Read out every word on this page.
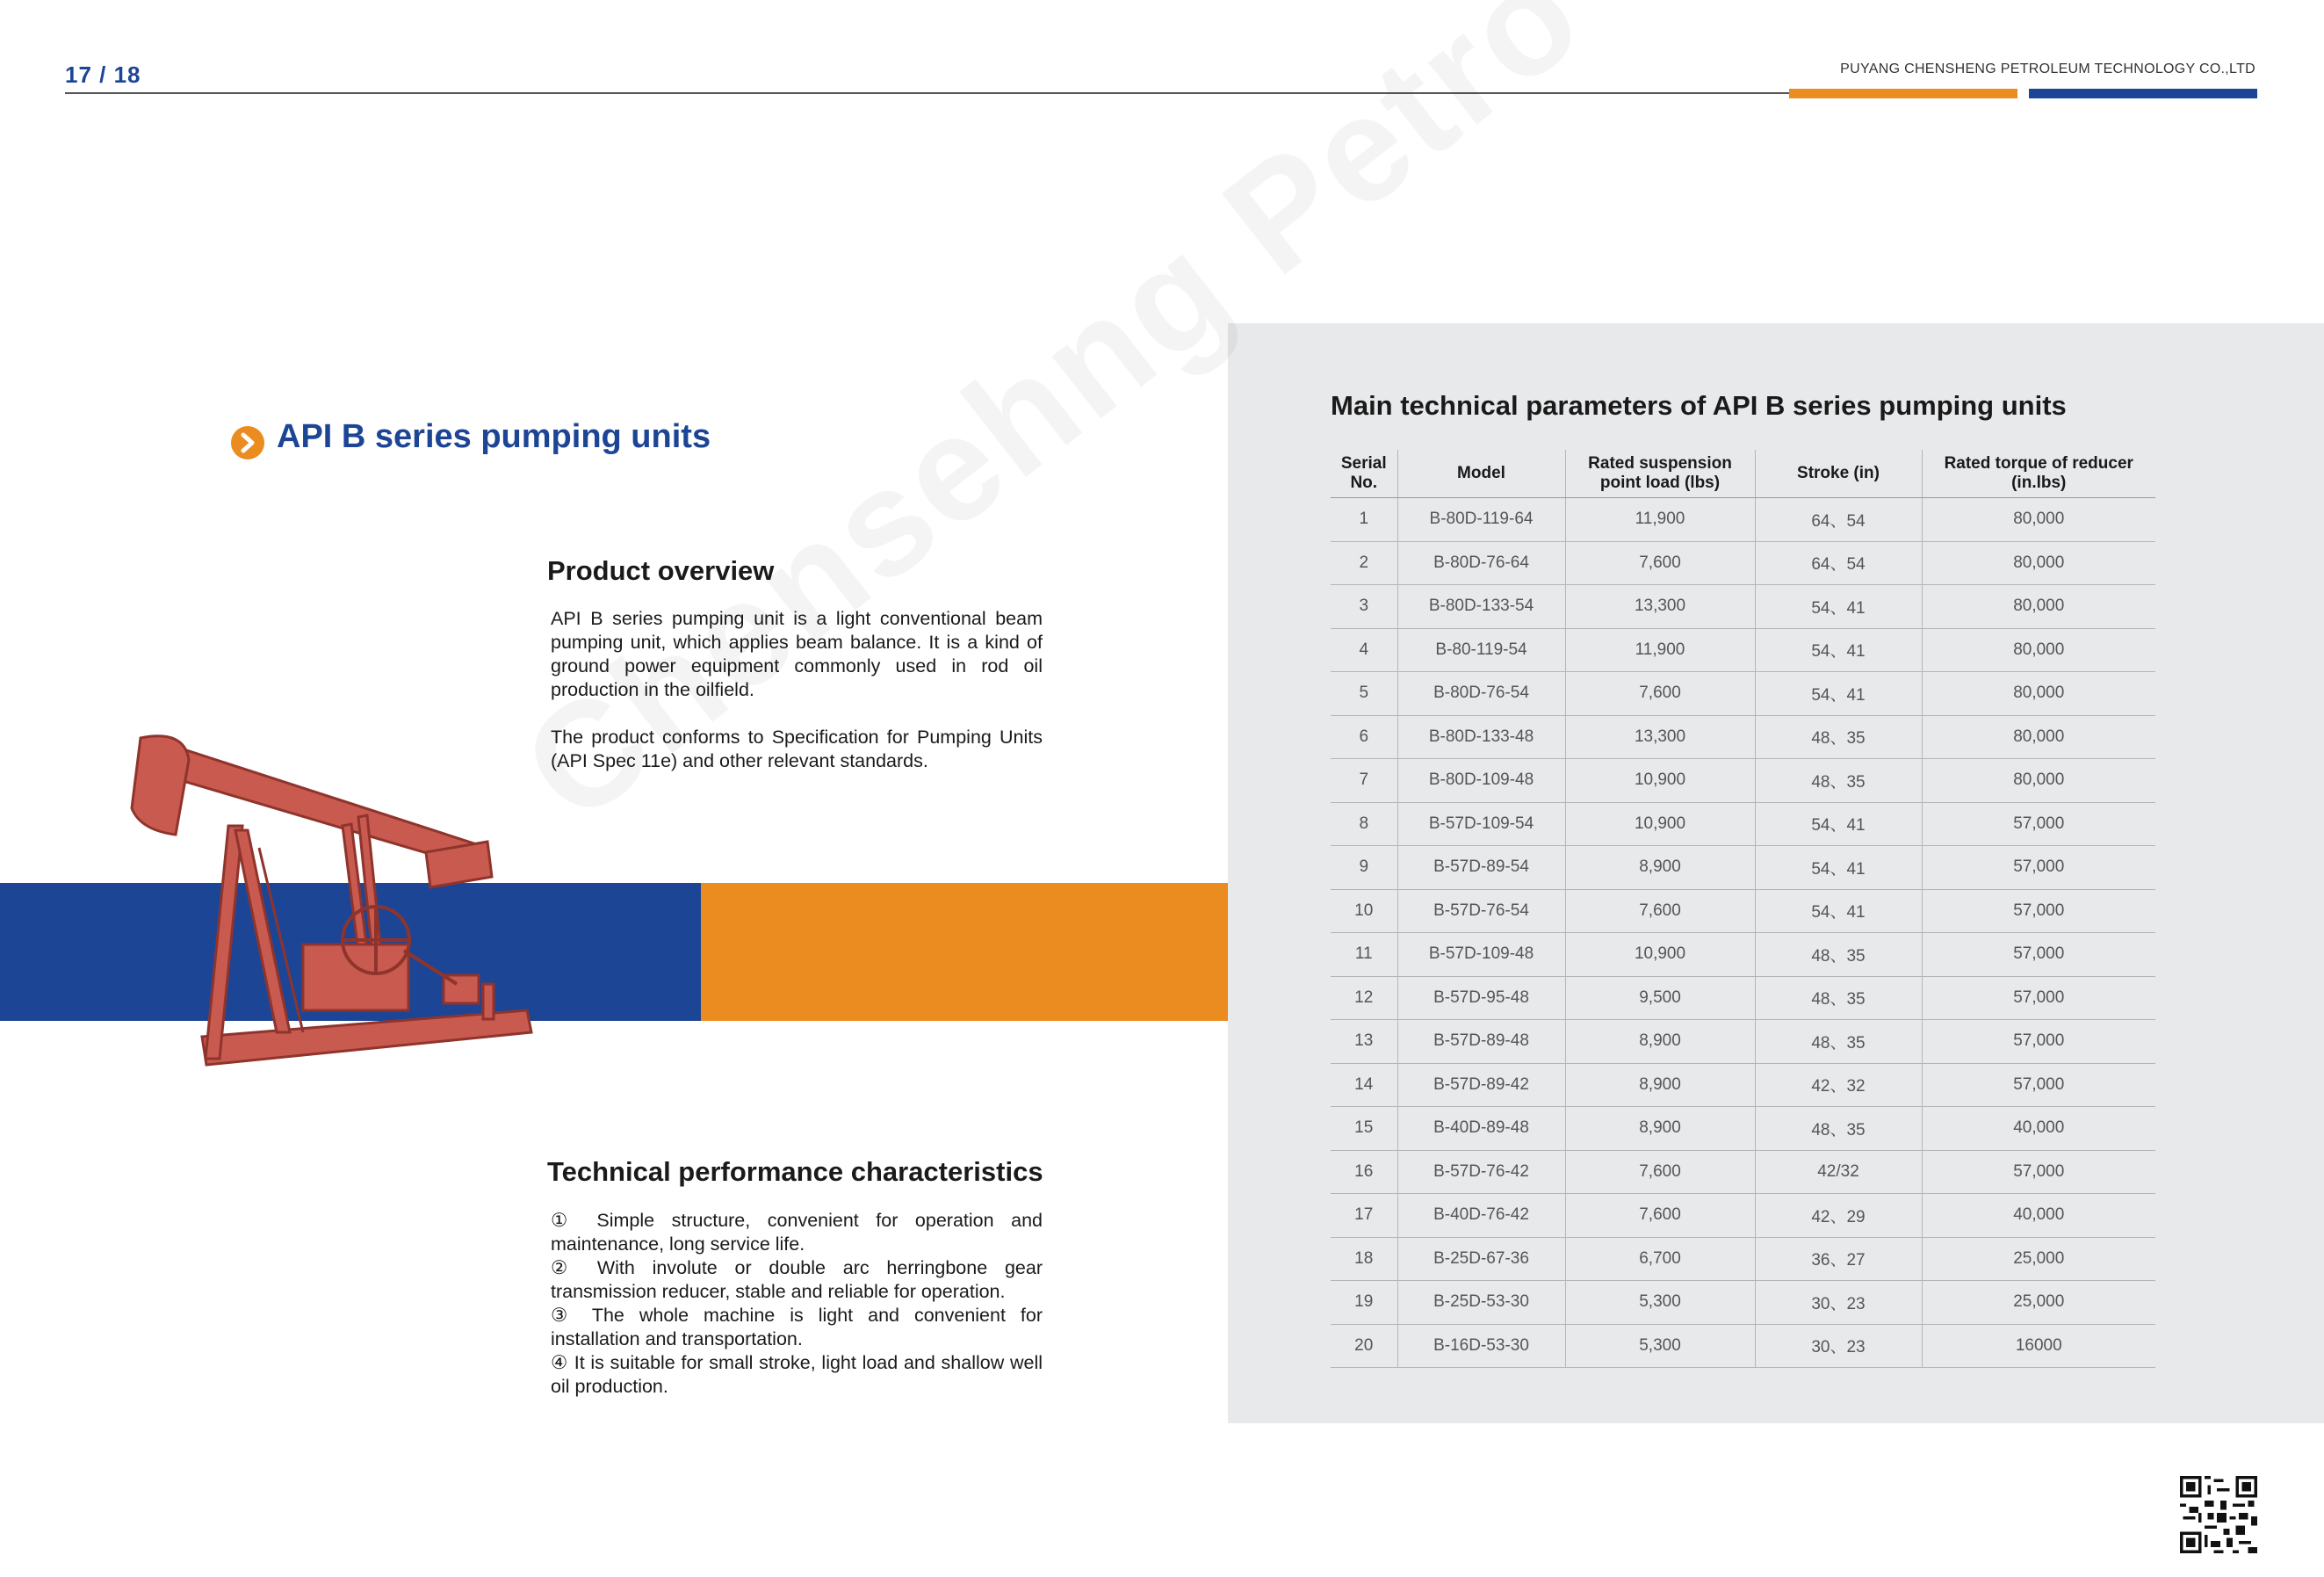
17 / 18	PUYANG CHENSHENG PETROLEUM TECHNOLOGY CO.,LTD
API B series pumping units
Product overview
API B series pumping unit is a light conventional beam pumping unit, which applies beam balance. It is a kind of ground power equipment commonly used in rod oil production in the oilfield.
The product conforms to Specification for Pumping Units (API Spec 11e) and other relevant standards.
Technical performance characteristics
① Simple structure, convenient for operation and maintenance, long service life.
② With involute or double arc herringbone gear transmission reducer, stable and reliable for operation.
③ The whole machine is light and convenient for installation and transportation.
④ It is suitable for small stroke, light load and shallow well oil production.
Main technical parameters of API B series pumping units
Serial No.	Model	Rated suspension point load (lbs)	Stroke (in)	Rated torque of reducer (in.lbs)
1	B-80D-119-64	11,900	64、54	80,000
2	B-80D-76-64	7,600	64、54	80,000
3	B-80D-133-54	13,300	54、41	80,000
4	B-80-119-54	11,900	54、41	80,000
5	B-80D-76-54	7,600	54、41	80,000
6	B-80D-133-48	13,300	48、35	80,000
7	B-80D-109-48	10,900	48、35	80,000
8	B-57D-109-54	10,900	54、41	57,000
9	B-57D-89-54	8,900	54、41	57,000
10	B-57D-76-54	7,600	54、41	57,000
11	B-57D-109-48	10,900	48、35	57,000
12	B-57D-95-48	9,500	48、35	57,000
13	B-57D-89-48	8,900	48、35	57,000
14	B-57D-89-42	8,900	42、32	57,000
15	B-40D-89-48	8,900	48、35	40,000
16	B-57D-76-42	7,600	42/32	57,000
17	B-40D-76-42	7,600	42、29	40,000
18	B-25D-67-36	6,700	36、27	25,000
19	B-25D-53-30	5,300	30、23	25,000
20	B-16D-53-30	5,300	30、23	16000
